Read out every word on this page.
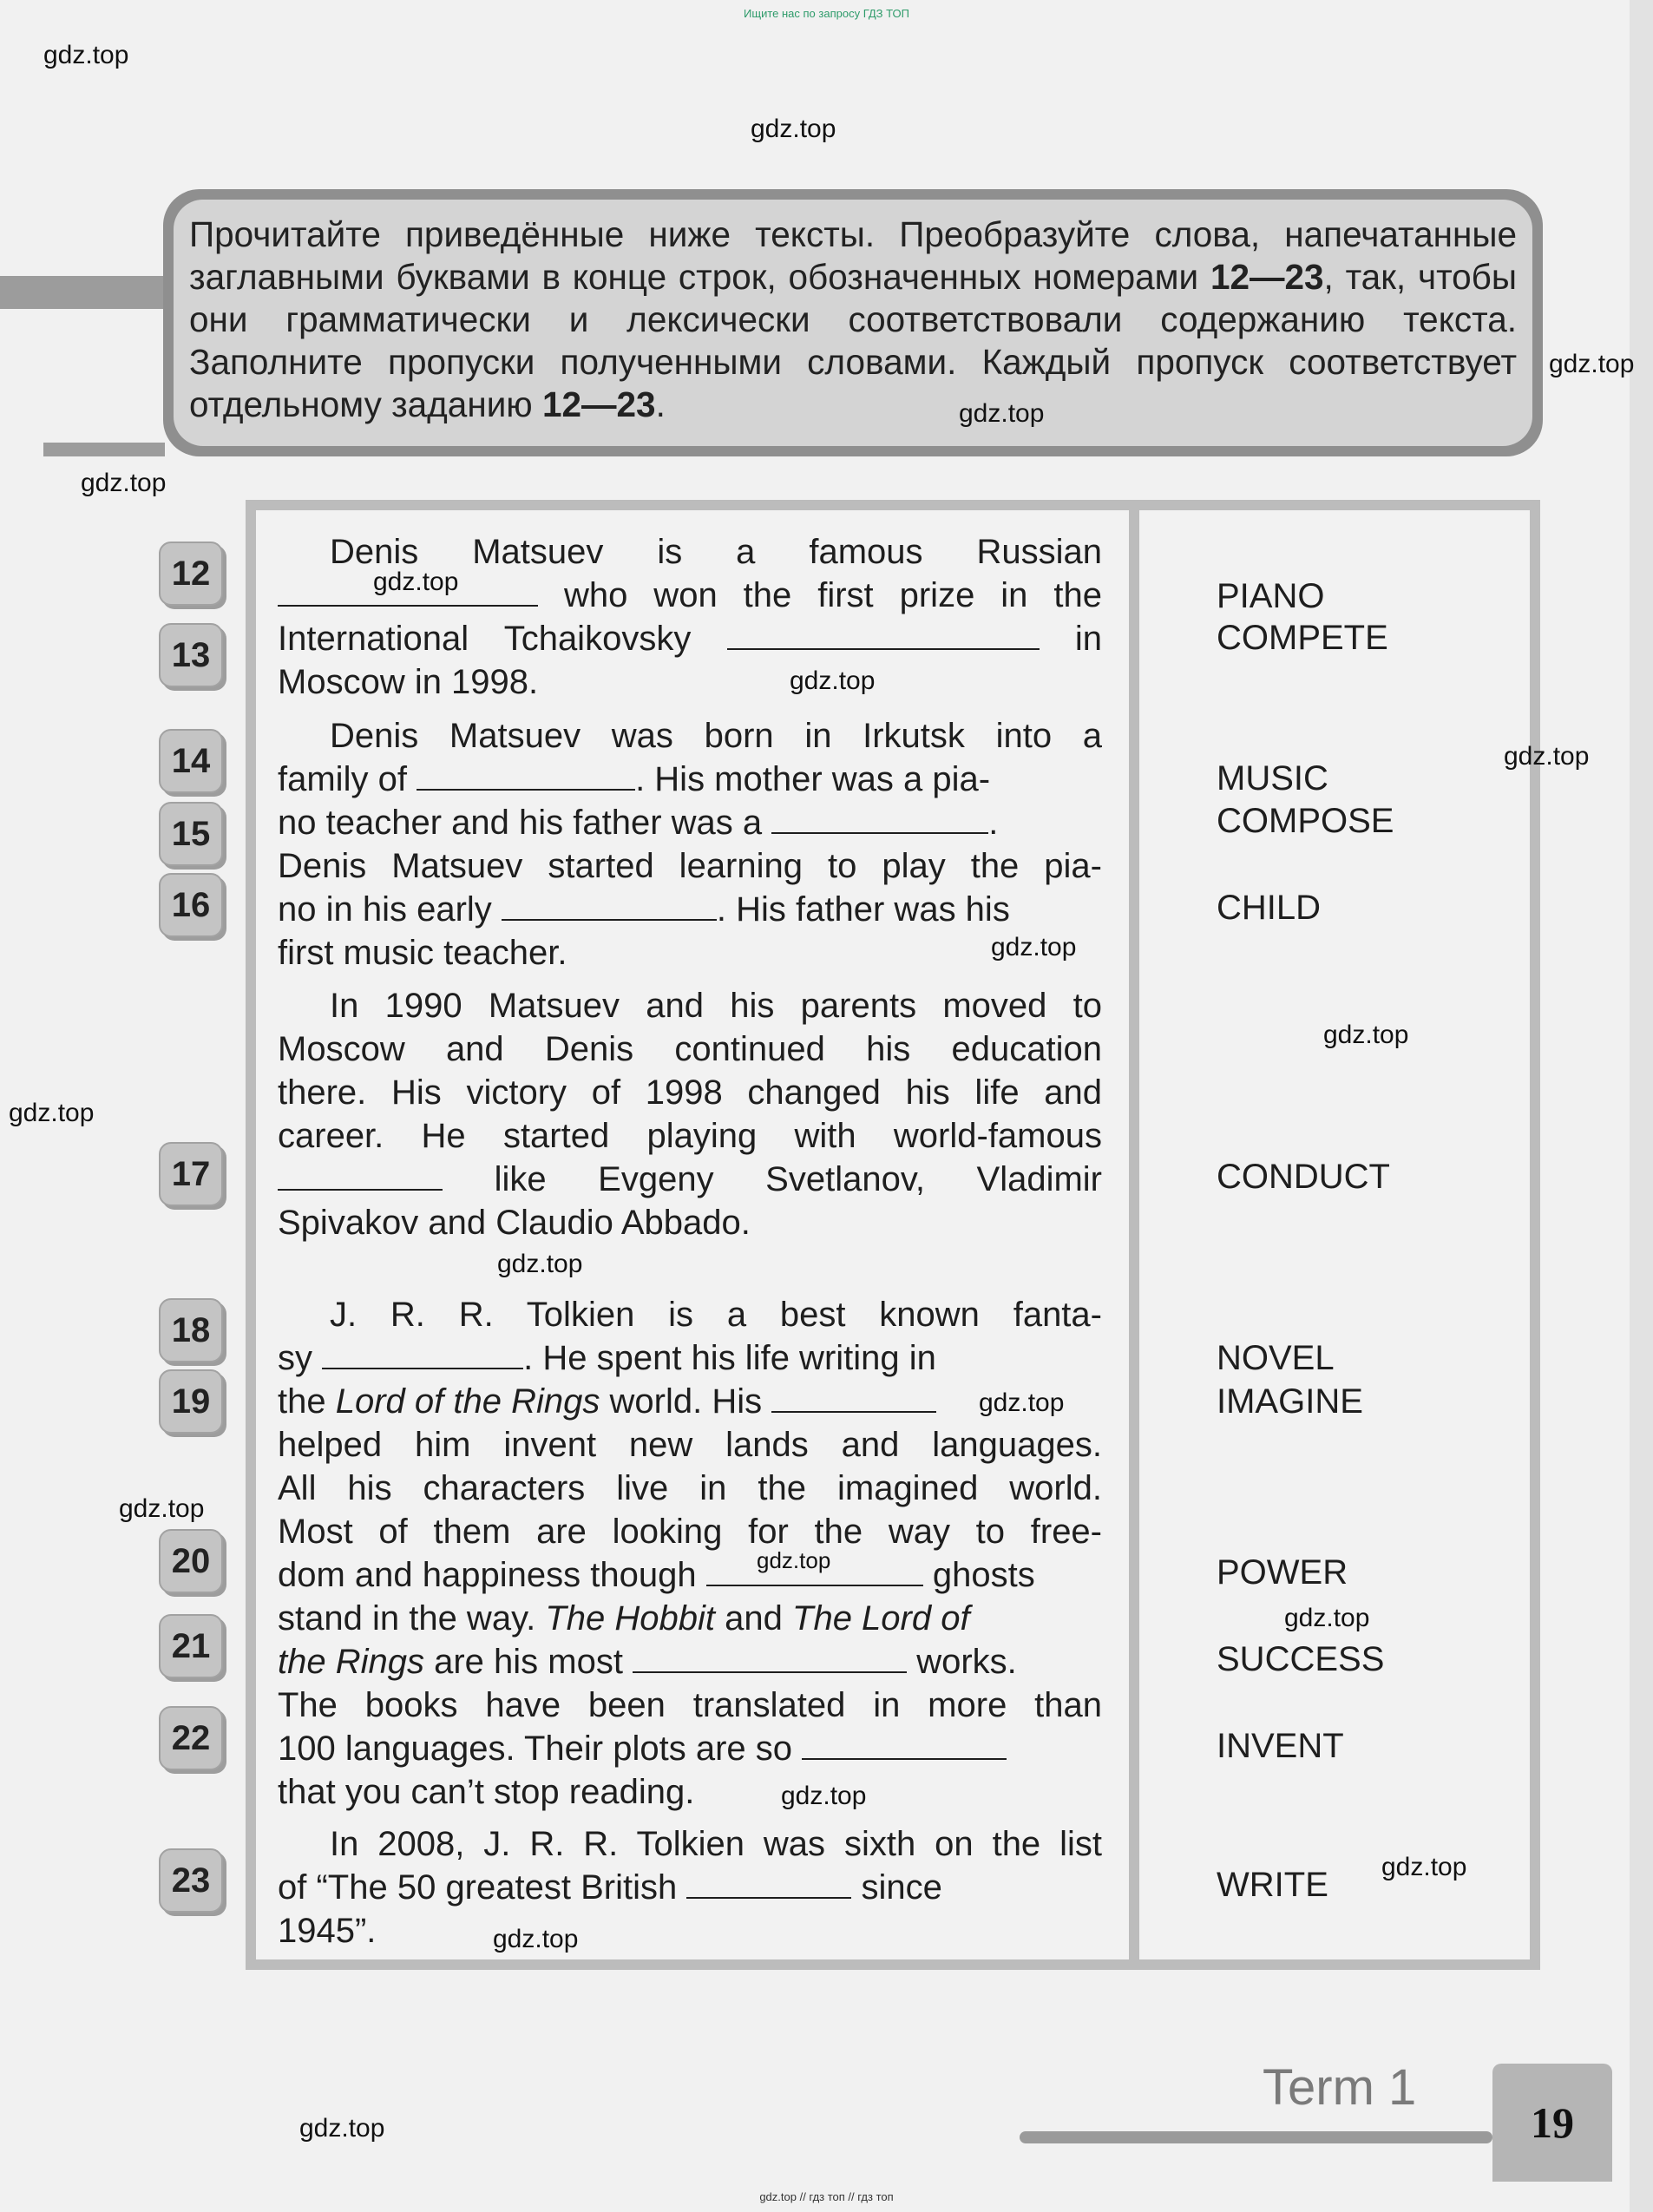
Ищите нас по запросу ГДЗ ТОП
Прочитайте приведённые ниже тексты. Преобразуйте слова, напечатанные заглавными буквами в конце строк, обозначенных номерами 12—23, так, чтобы они грамматически и лексически соответствовали содержанию текста. Заполните пропуски полученными словами. Каждый пропуск соответствует отдельному заданию 12—23.
12
13
14
15
16
17
18
19
20
21
22
23
PIANO
COMPETE
MUSIC
COMPOSE
CHILD
CONDUCT
NOVEL
IMAGINE
POWER
SUCCESS
INVENT
WRITE
Denis Matsuev is a famous Russian
who won the first prize in the
International Tchaikovsky	in
Moscow in 1998.
Denis Matsuev was born in Irkutsk into a
family of	. His mother was a pia-
no teacher and his father was a	.
Denis Matsuev started learning to play the pia-
no in his early	. His father was his
first music teacher.
In 1990 Matsuev and his parents moved to
Moscow and Denis continued his education
there. His victory of 1998 changed his life and
career. He started playing with world-famous
like Evgeny Svetlanov, Vladimir
Spivakov and Claudio Abbado.
J. R. R. Tolkien is a best known fanta-
sy	. He spent his life writing in
the Lord of the Rings world. His
helped him invent new lands and languages.
All his characters live in the imagined world.
Most of them are looking for the way to free-
dom and happiness though	ghosts
stand in the way. The Hobbit and The Lord of
the Rings are his most	works.
The books have been translated in more than
100 languages. Their plots are so
that you can’t stop reading.
In 2008, J. R. R. Tolkien was sixth on the list
of “The 50 greatest British	since
1945”.
gdz.top
gdz.top
gdz.top
gdz.top
gdz.top
gdz.top
gdz.top
gdz.top
gdz.top
gdz.top
gdz.top
gdz.top
gdz.top
gdz.top
gdz.top
gdz.top
gdz.top
gdz.top
gdz.top
gdz.top
Term 1
19
gdz.top // гдз топ // гдз топ
